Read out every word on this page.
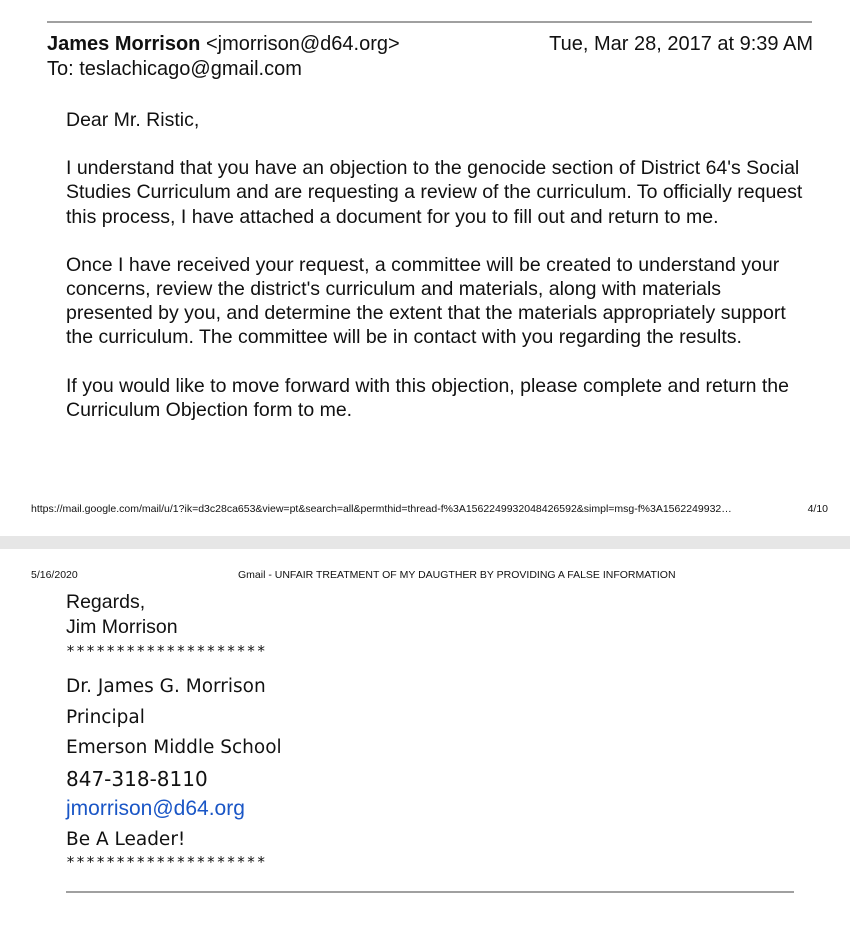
James Morrison <jmorrison@d64.org>	Tue, Mar 28, 2017 at 9:39 AM
To: teslachicago@gmail.com

Dear Mr. Ristic,

I understand that you have an objection to the genocide section of District 64's Social Studies Curriculum and are requesting a review of the curriculum. To officially request this process, I have attached a document for you to fill out and return to me.

Once I have received your request, a committee will be created to understand your concerns, review the district's curriculum and materials, along with materials presented by you, and determine the extent that the materials appropriately support the curriculum. The committee will be in contact with you regarding the results.

If you would like to move forward with this objection, please complete and return the Curriculum Objection form to me.

https://mail.google.com/mail/u/1?ik=d3c28ca653&view=pt&search=all&permthid=thread-f%3A1562249932048426592&simpl=msg-f%3A1562249932…	4/10
5/16/2020	Gmail - UNFAIR TREATMENT OF MY DAUGTHER BY PROVIDING A FALSE INFORMATION
Regards,
Jim Morrison
********************
Dr. James G. Morrison
Principal
Emerson Middle School
847-318-8110
jmorrison@d64.org
Be A Leader!
********************
